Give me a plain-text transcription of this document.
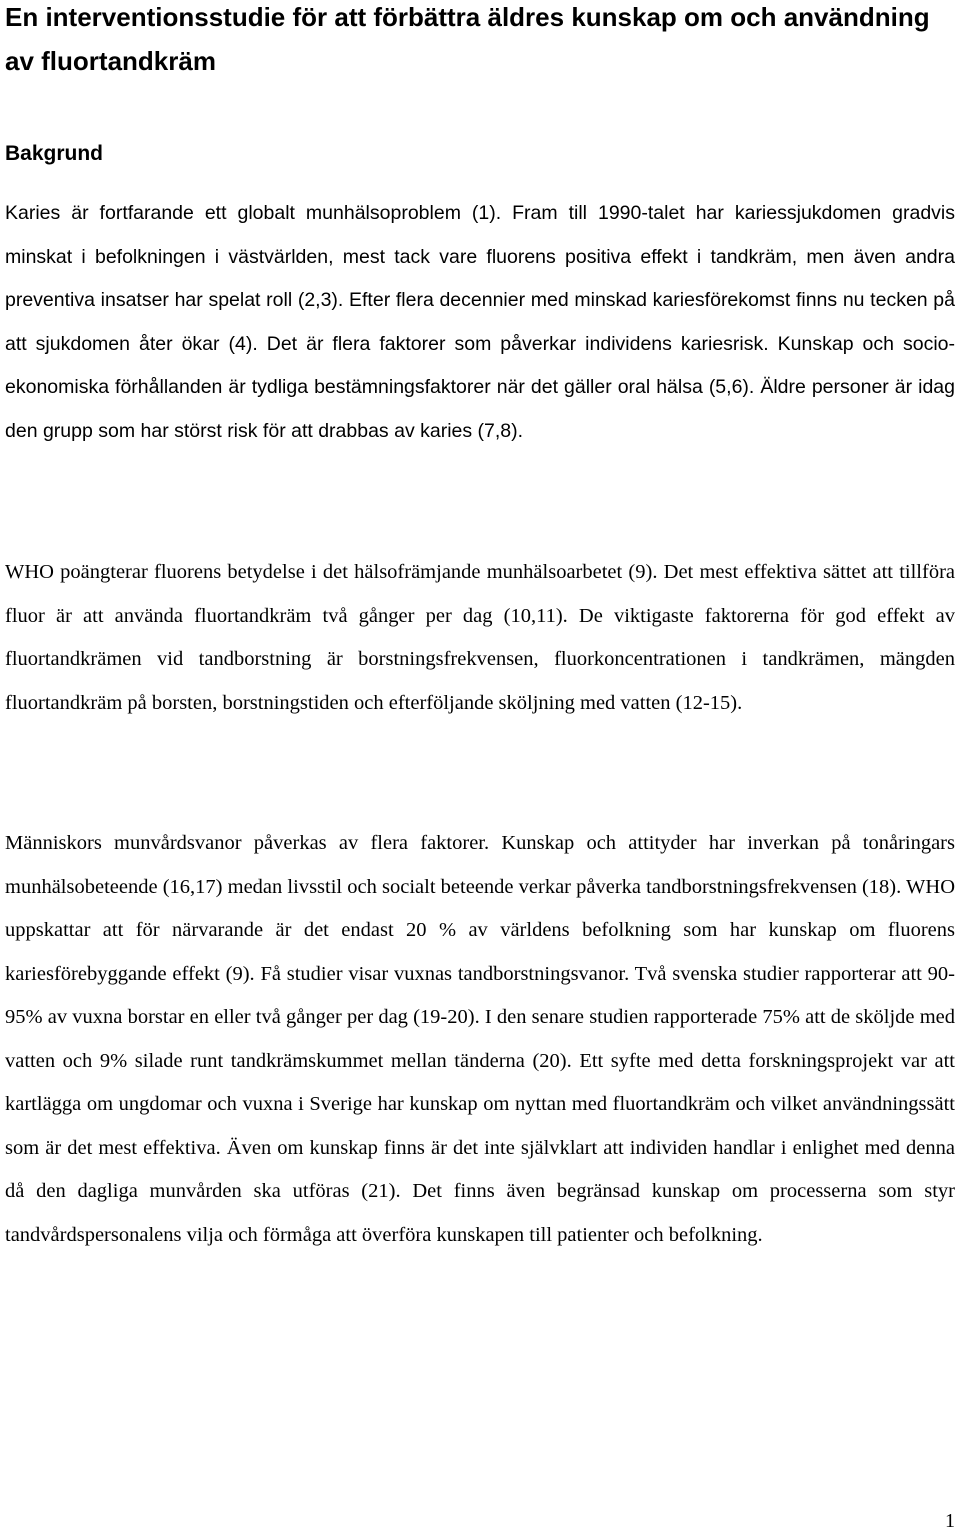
En interventionsstudie för att förbättra äldres kunskap om och användning av fluortandkräm
Bakgrund

Karies är fortfarande ett globalt munhälsoproblem (1). Fram till 1990-talet har kariessjukdomen gradvis minskat i befolkningen i västvärlden, mest tack vare fluorens positiva effekt i tandkräm, men även andra preventiva insatser har spelat roll (2,3). Efter flera decennier med minskad kariesförekomst finns nu tecken på att sjukdomen åter ökar (4). Det är flera faktorer som påverkar individens kariesrisk. Kunskap och socio-ekonomiska förhållanden är tydliga bestämningsfaktorer när det gäller oral hälsa (5,6). Äldre personer är idag den grupp som har störst risk för att drabbas av karies (7,8).

WHO poängterar fluorens betydelse i det hälsofrämjande munhälsoarbetet (9). Det mest effektiva sättet att tillföra fluor är att använda fluortandkräm två gånger per dag (10,11). De viktigaste faktorerna för god effekt av fluortandkrämen vid tandborstning är borstningsfrekvensen, fluorkoncentrationen i tandkrämen, mängden fluortandkräm på borsten, borstningstiden och efterföljande sköljning med vatten (12-15).

Människors munvårdsvanor påverkas av flera faktorer. Kunskap och attityder har inverkan på tonåringars munhälsobeteende (16,17) medan livsstil och socialt beteende verkar påverka tandborstningsfrekvensen (18). WHO uppskattar att för närvarande är det endast 20 % av världens befolkning som har kunskap om fluorens kariesförebyggande effekt (9). Få studier visar vuxnas tandborstningsvanor. Två svenska studier rapporterar att 90-95% av vuxna borstar en eller två gånger per dag (19-20). I den senare studien rapporterade 75% att de sköljde med vatten och 9% silade runt tandkrämskummet mellan tänderna (20). Ett syfte med detta forskningsprojekt var att kartlägga om ungdomar och vuxna i Sverige har kunskap om nyttan med fluortandkräm och vilket användningssätt som är det mest effektiva. Även om kunskap finns är det inte självklart att individen handlar i enlighet med denna då den dagliga munvården ska utföras (21). Det finns även begränsad kunskap om processerna som styr tandvårdspersonalens vilja och förmåga att överföra kunskapen till patienter och befolkning.

1
